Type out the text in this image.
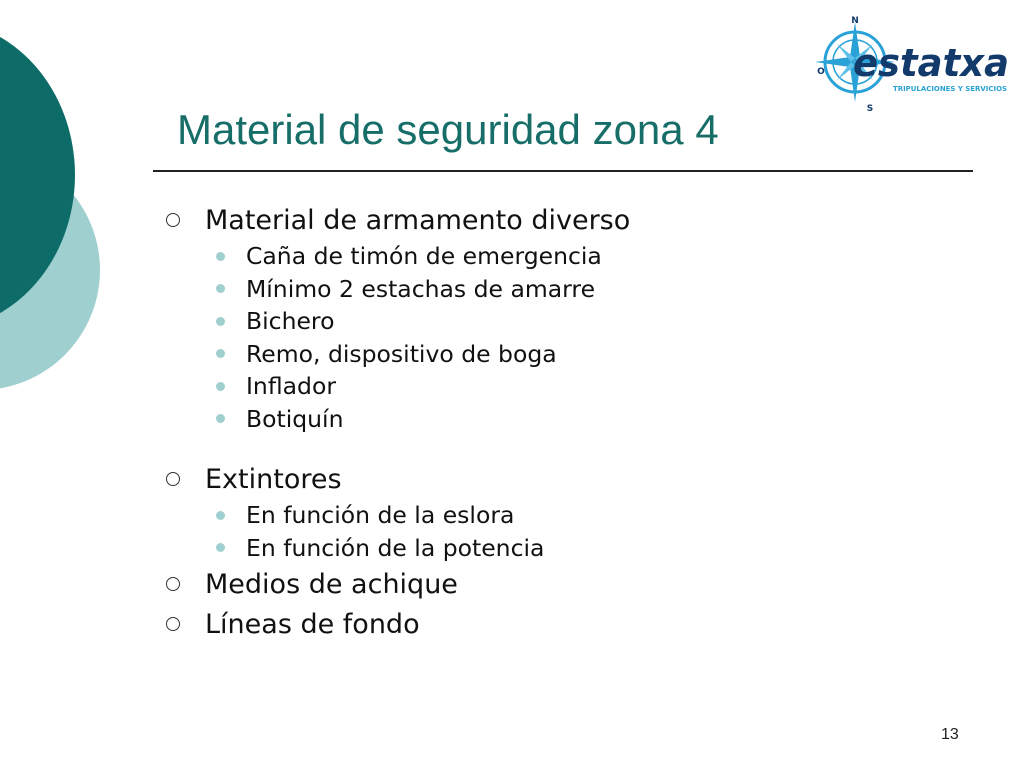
N
O
S
estatxa
TRIPULACIONES Y SERVICIOS
Material de seguridad zona 4
Material de armamento diverso
Caña de timón de emergencia
Mínimo 2 estachas de amarre
Bichero
Remo, dispositivo de boga
Inflador
Botiquín
Extintores
En función de la eslora
En función de la potencia
Medios de achique
Líneas de fondo
13
